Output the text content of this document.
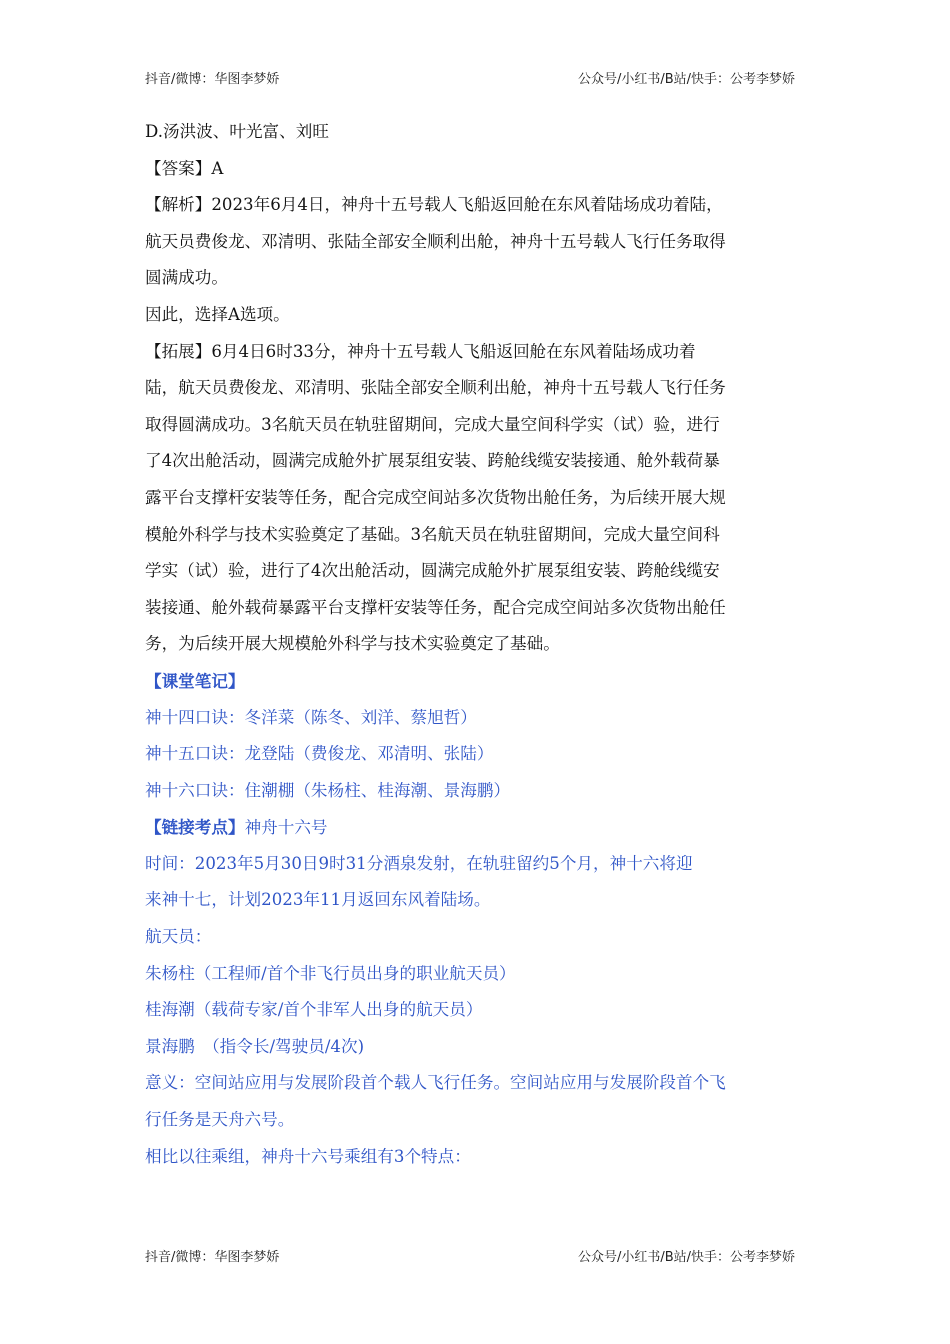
抖音/微博：华图李梦娇	公众号/小红书/B站/快手：公考李梦娇
D.汤洪波、叶光富、刘旺
【答案】A
【解析】2023年6月4日，神舟十五号载人飞船返回舱在东风着陆场成功着陆，
航天员费俊龙、邓清明、张陆全部安全顺利出舱，神舟十五号载人飞行任务取得
圆满成功。
因此，选择A选项。
【拓展】6月4日6时33分，神舟十五号载人飞船返回舱在东风着陆场成功着
陆，航天员费俊龙、邓清明、张陆全部安全顺利出舱，神舟十五号载人飞行任务
取得圆满成功。3名航天员在轨驻留期间，完成大量空间科学实（试）验，进行
了4次出舱活动，圆满完成舱外扩展泵组安装、跨舱线缆安装接通、舱外载荷暴
露平台支撑杆安装等任务，配合完成空间站多次货物出舱任务，为后续开展大规
模舱外科学与技术实验奠定了基础。3名航天员在轨驻留期间，完成大量空间科
学实（试）验，进行了4次出舱活动，圆满完成舱外扩展泵组安装、跨舱线缆安
装接通、舱外载荷暴露平台支撑杆安装等任务，配合完成空间站多次货物出舱任
务，为后续开展大规模舱外科学与技术实验奠定了基础。
【课堂笔记】
神十四口诀：冬洋菜（陈冬、刘洋、蔡旭哲）
神十五口诀：龙登陆（费俊龙、邓清明、张陆）
神十六口诀：住潮棚（朱杨柱、桂海潮、景海鹏）
【链接考点】神舟十六号
时间：2023年5月30日9时31分酒泉发射，在轨驻留约5个月，神十六将迎
来神十七，计划2023年11月返回东风着陆场。
航天员：
朱杨柱（工程师/首个非飞行员出身的职业航天员）
桂海潮（载荷专家/首个非军人出身的航天员）
景海鹏　（指令长/驾驶员/4次)
意义：空间站应用与发展阶段首个载人飞行任务。空间站应用与发展阶段首个飞
行任务是天舟六号。
相比以往乘组，神舟十六号乘组有3个特点：
抖音/微博：华图李梦娇	公众号/小红书/B站/快手：公考李梦娇
